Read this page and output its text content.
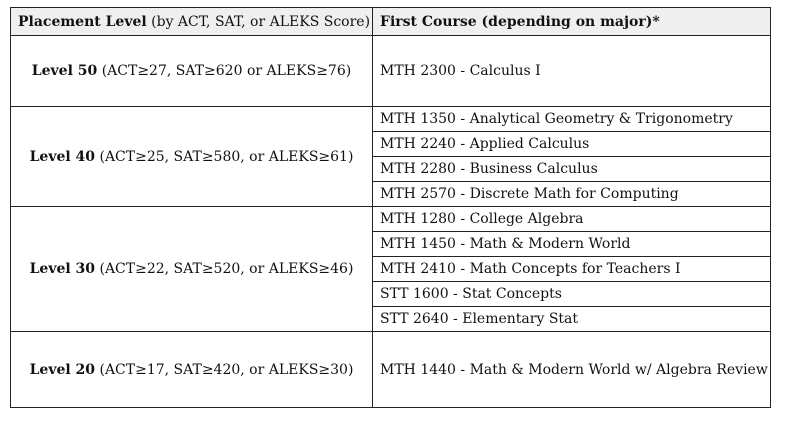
Placement Level (by ACT, SAT, or ALEKS Score)	First Course (depending on major)*
Level 50 (ACT≥27, SAT≥620 or ALEKS≥76)	MTH 2300 - Calculus I
Level 40 (ACT≥25, SAT≥580, or ALEKS≥61)	MTH 1350 - Analytical Geometry & Trigonometry
	MTH 2240 - Applied Calculus
	MTH 2280 - Business Calculus
	MTH 2570 - Discrete Math for Computing
Level 30 (ACT≥22, SAT≥520, or ALEKS≥46)	MTH 1280 - College Algebra
	MTH 1450 - Math & Modern World
	MTH 2410 - Math Concepts for Teachers I
	STT 1600 - Stat Concepts
	STT 2640 - Elementary Stat
Level 20 (ACT≥17, SAT≥420, or ALEKS≥30)	MTH 1440 - Math & Modern World w/ Algebra Review
